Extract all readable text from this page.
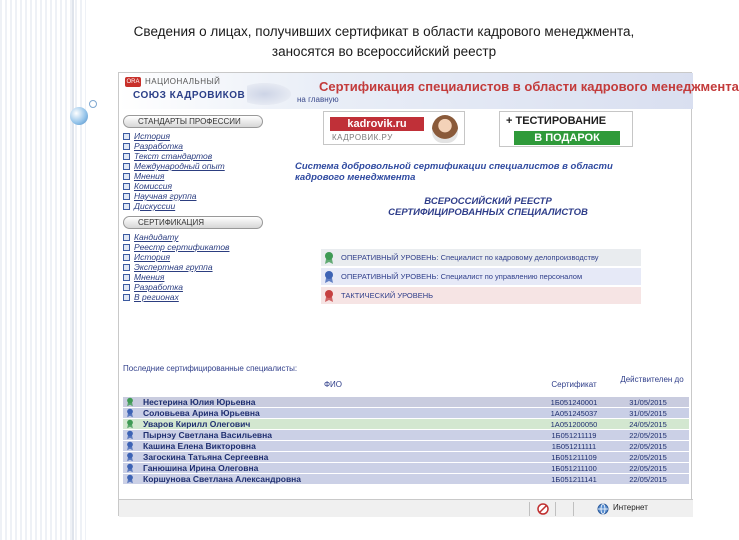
Сведения о лицах, получивших сертификат в области кадрового менеджмента,
заносятся во всероссийский реестр
ORA НАЦИОНАЛЬНЫЙ
СОЮЗ КАДРОВИКОВ	на главную
Сертификация специалистов в области кадрового менеджмента
СТАНДАРТЫ ПРОФЕССИИ
История
Разработка
Текст стандартов
Международный опыт
Мнения
Комиссия
Научная группа
Дискуссии
СЕРТИФИКАЦИЯ
Кандидату
Реестр сертификатов
История
Экспертная группа
Мнения
Разработка
В регионах
kadrovik.ru
КАДРОВИК.РУ
+ ТЕСТИРОВАНИЕ
В ПОДАРОК
Система добровольной сертификации специалистов в области кадрового менеджмента
ВСЕРОССИЙСКИЙ РЕЕСТР
СЕРТИФИЦИРОВАННЫХ СПЕЦИАЛИСТОВ
ОПЕРАТИВНЫЙ УРОВЕНЬ: Специалист по кадровому делопроизводству
ОПЕРАТИВНЫЙ УРОВЕНЬ: Специалист по управлению персоналом
ТАКТИЧЕСКИЙ УРОВЕНЬ
Последние сертифицированные специалисты:
ФИО	Сертификат
Действителен до
Нестерина Юлия Юрьевна	1Б051240001	31/05/2015
Соловьева Арина Юрьевна	1А051245037	31/05/2015
Уваров Кирилл Олегович	1А051200050	24/05/2015
Пырнэу Светлана Васильевна	1Б051211119	22/05/2015
Кашина Елена Викторовна	1Б051211111	22/05/2015
Загоскина Татьяна Сергеевна	1Б051211109	22/05/2015
Ганюшина Ирина Олеговна	1Б051211100	22/05/2015
Коршунова Светлана Александровна	1Б051211141	22/05/2015
Интернет
